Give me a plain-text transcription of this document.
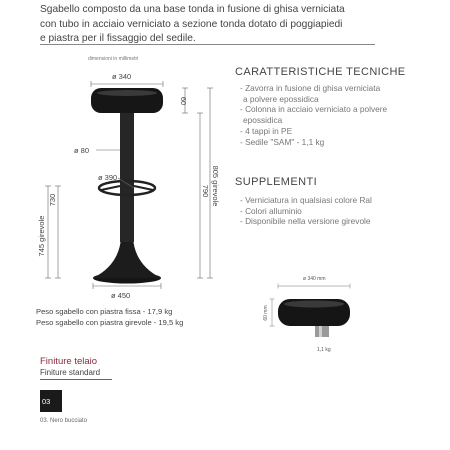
Sgabello composto da una base tonda in fusione di ghisa verniciata
con tubo in acciaio verniciato a sezione tonda dotato di poggiapiedi
e piastra per il fissaggio del sedile.
dimensioni in millimetri
ø 340
ø 80
ø 390
ø 450
745 girevole
730
60
790 805 girevole
ø 340 mm
60 mm
1,1 kg
CARATTERISTICHE TECNICHE
- Zavorra in fusione di ghisa verniciata
a polvere epossidica
- Colonna in acciaio verniciato a polvere
epossidica
- 4 tappi in PE
- Sedile "SAM" - 1,1 kg
SUPPLEMENTI
- Verniciatura in qualsiasi colore Ral
- Colori alluminio
- Disponibile nella versione girevole
Peso sgabello con piastra fissa - 17,9 kg
Peso sgabello con piastra girevole - 19,5 kg
Finiture telaio
Finiture standard
03
03. Nero bucciato
